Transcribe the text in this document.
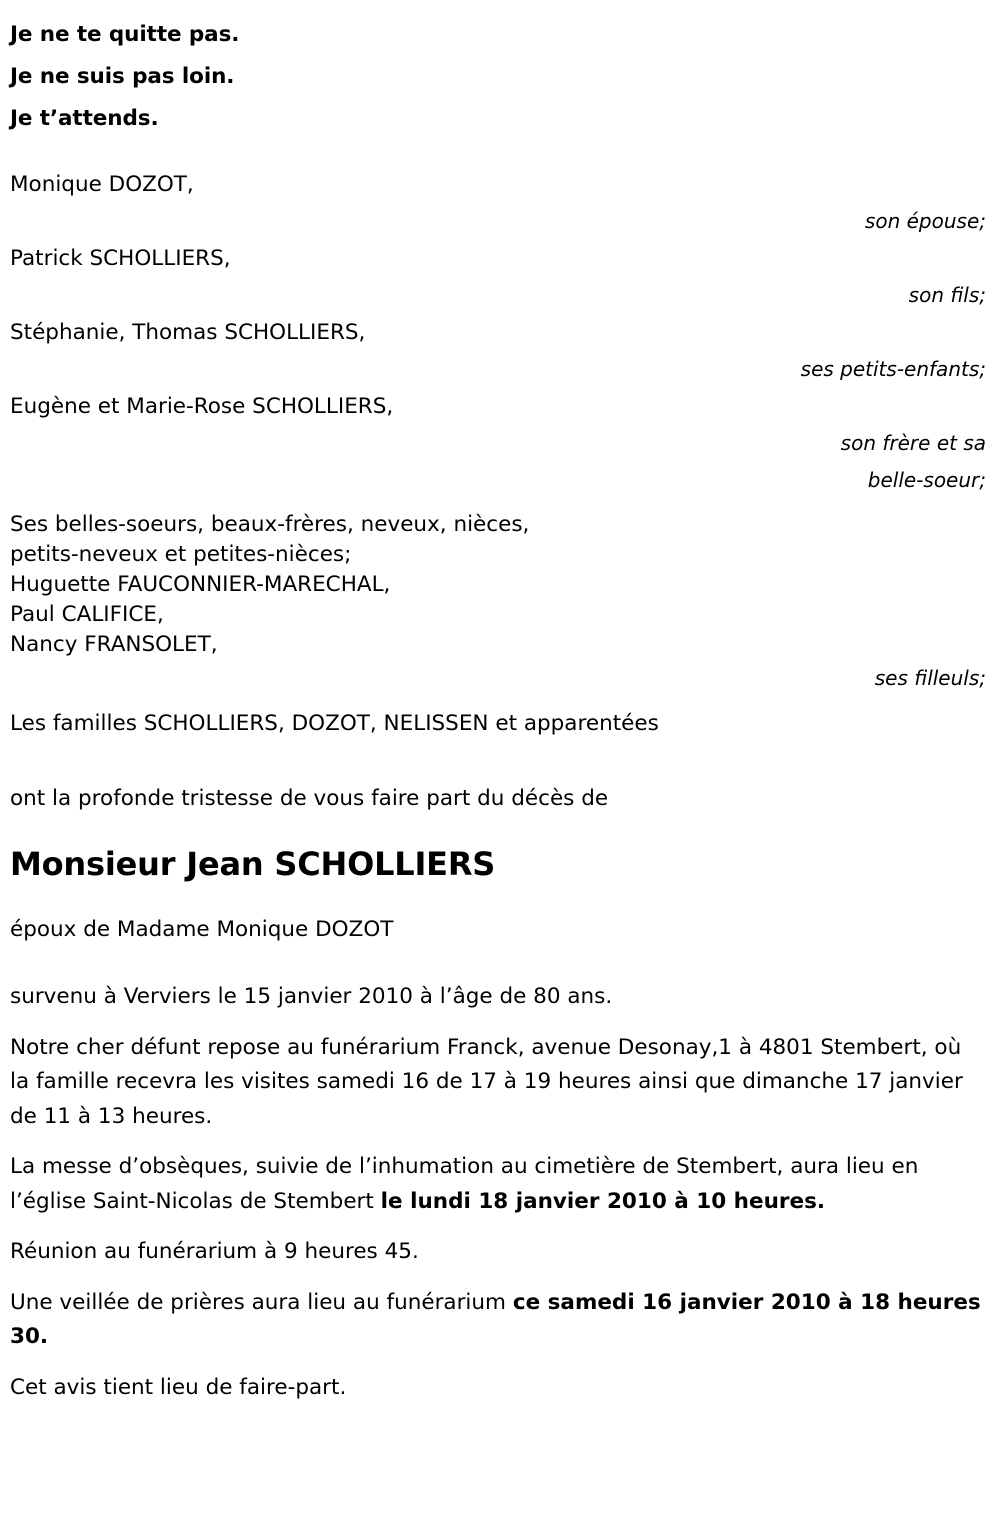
Je ne te quitte pas.
Je ne suis pas loin.
Je t’attends.
Monique DOZOT,
son épouse;
Patrick SCHOLLIERS,
son fils;
Stéphanie, Thomas SCHOLLIERS,
ses petits-enfants;
Eugène et Marie-Rose SCHOLLIERS,
son frère et sa
belle-soeur;
Ses belles-soeurs, beaux-frères, neveux, nièces,
petits-neveux et petites-nièces;
Huguette FAUCONNIER-MARECHAL,
Paul CALIFICE,
Nancy FRANSOLET,
ses filleuls;
Les familles SCHOLLIERS, DOZOT, NELISSEN et apparentées
ont la profonde tristesse de vous faire part du décès de
Monsieur Jean SCHOLLIERS
époux de Madame Monique DOZOT

survenu à Verviers le 15 janvier 2010 à l’âge de 80 ans.

Notre cher défunt repose au funérarium Franck, avenue Desonay,1 à 4801 Stembert, où la famille recevra les visites samedi 16 de 17 à 19 heures ainsi que dimanche 17 janvier de 11 à 13 heures.

La messe d’obsèques, suivie de l’inhumation au cimetière de Stembert, aura lieu en l’église Saint-Nicolas de Stembert le lundi 18 janvier 2010 à 10 heures.

Réunion au funérarium à 9 heures 45.

Une veillée de prières aura lieu au funérarium ce samedi 16 janvier 2010 à 18 heures 30.

Cet avis tient lieu de faire-part.
